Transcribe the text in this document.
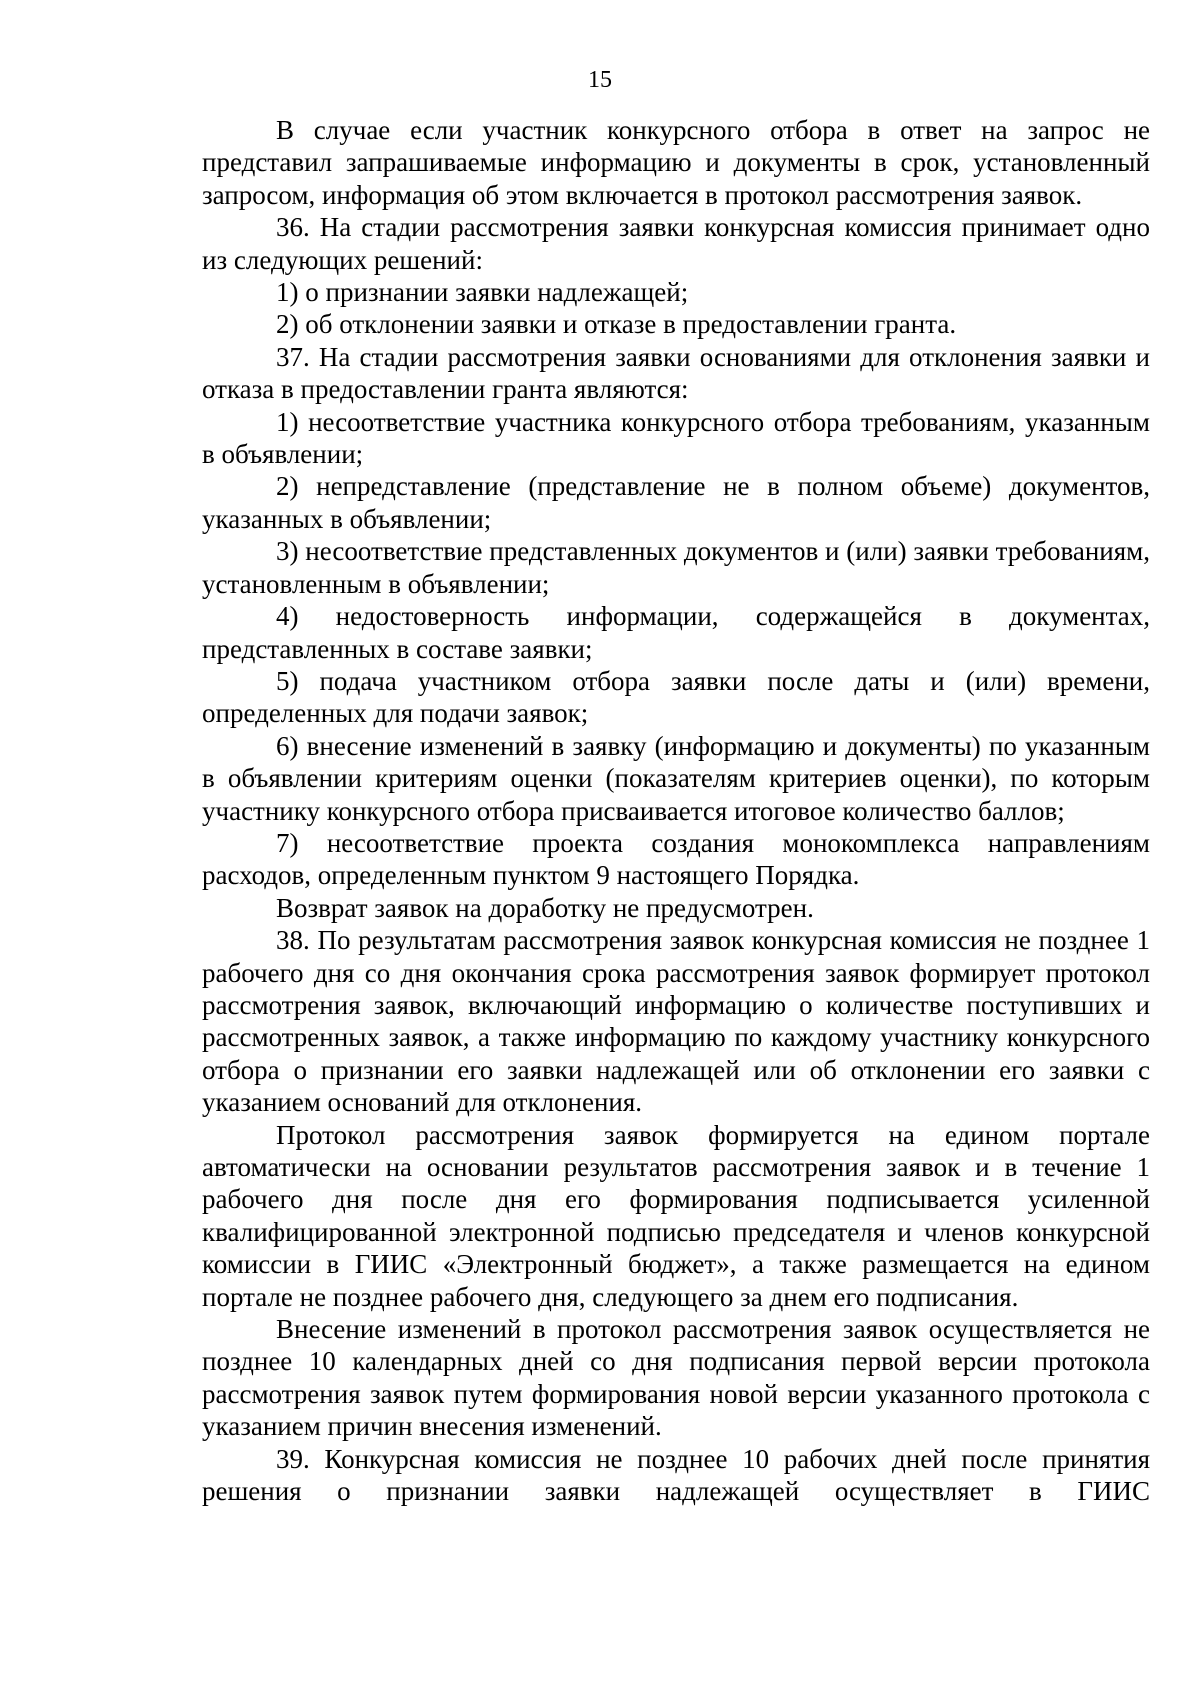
15

В случае если участник конкурсного отбора в ответ на запрос не представил запрашиваемые информацию и документы в срок, установленный запросом, информация об этом включается в протокол рассмотрения заявок.

36. На стадии рассмотрения заявки конкурсная комиссия принимает одно из следующих решений:

1) о признании заявки надлежащей;

2) об отклонении заявки и отказе в предоставлении гранта.

37. На стадии рассмотрения заявки основаниями для отклонения заявки и отказа в предоставлении гранта являются:

1) несоответствие участника конкурсного отбора требованиям, указанным в объявлении;

2) непредставление (представление не в полном объеме) документов, указанных в объявлении;

3) несоответствие представленных документов и (или) заявки требованиям, установленным в объявлении;

4) недостоверность информации, содержащейся в документах, представленных в составе заявки;

5) подача участником отбора заявки после даты и (или) времени, определенных для подачи заявок;

6) внесение изменений в заявку (информацию и документы) по указанным в объявлении критериям оценки (показателям критериев оценки), по которым участнику конкурсного отбора присваивается итоговое количество баллов;

7) несоответствие проекта создания монокомплекса направлениям расходов, определенным пунктом 9 настоящего Порядка.

Возврат заявок на доработку не предусмотрен.

38. По результатам рассмотрения заявок конкурсная комиссия не позднее 1 рабочего дня со дня окончания срока рассмотрения заявок формирует протокол рассмотрения заявок, включающий информацию о количестве поступивших и рассмотренных заявок, а также информацию по каждому участнику конкурсного отбора о признании его заявки надлежащей или об отклонении его заявки с указанием оснований для отклонения.

Протокол рассмотрения заявок формируется на едином портале автоматически на основании результатов рассмотрения заявок и в течение 1 рабочего дня после дня его формирования подписывается усиленной квалифицированной электронной подписью председателя и членов конкурсной комиссии в ГИИС «Электронный бюджет», а также размещается на едином портале не позднее рабочего дня, следующего за днем его подписания.

Внесение изменений в протокол рассмотрения заявок осуществляется не позднее 10 календарных дней со дня подписания первой версии протокола рассмотрения заявок путем формирования новой версии указанного протокола с указанием причин внесения изменений.

39. Конкурсная комиссия не позднее 10 рабочих дней после принятия решения о признании заявки надлежащей осуществляет в ГИИС
